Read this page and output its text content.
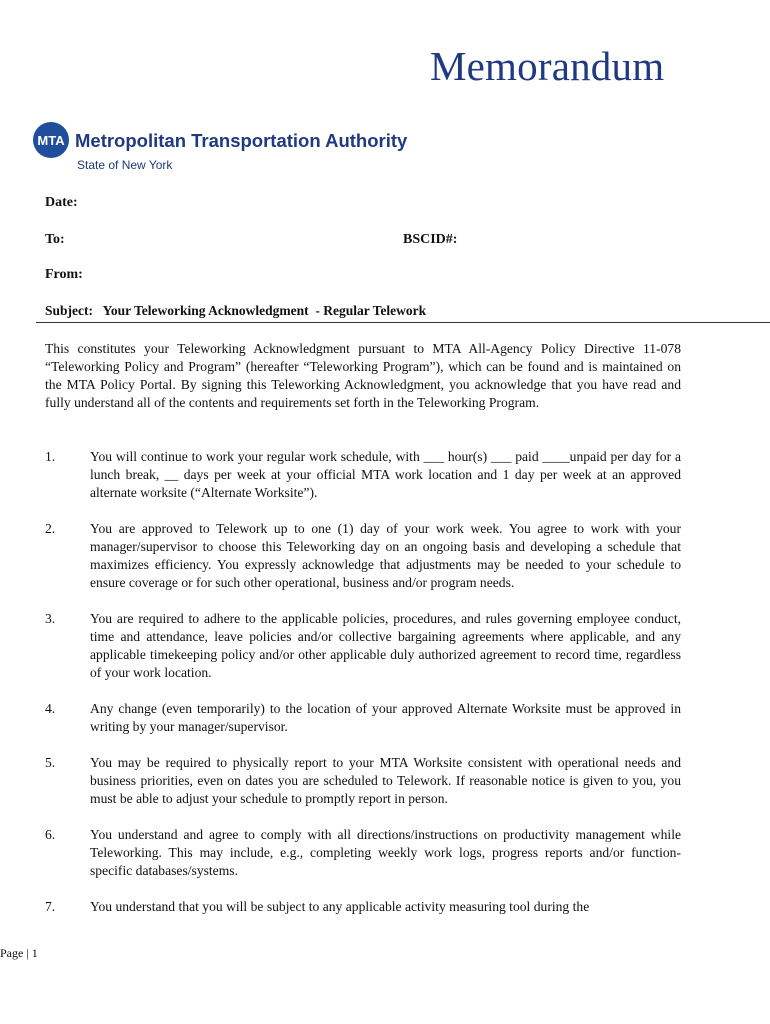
Memorandum
MTA Metropolitan Transportation Authority
State of New York
Date:
To:	BSCID#:
From:
Subject:   Your Teleworking Acknowledgment  - Regular Telework
This constitutes your Teleworking Acknowledgment pursuant to MTA All-Agency Policy Directive 11-078 “Teleworking Policy and Program” (hereafter “Teleworking Program”), which can be found and is maintained on the MTA Policy Portal. By signing this Teleworking Acknowledgment, you acknowledge that you have read and fully understand all of the contents and requirements set forth in the Teleworking Program.
1.	You will continue to work your regular work schedule, with ___ hour(s) ___ paid ____unpaid per day for a lunch break, __ days per week at your official MTA work location and 1 day per week at an approved alternate worksite (“Alternate Worksite”).
2.	You are approved to Telework up to one (1) day of your work week. You agree to work with your manager/supervisor to choose this Teleworking day on an ongoing basis and developing a schedule that maximizes efficiency. You expressly acknowledge that adjustments may be needed to your schedule to ensure coverage or for such other operational, business and/or program needs.
3.	You are required to adhere to the applicable policies, procedures, and rules governing employee conduct, time and attendance, leave policies and/or collective bargaining agreements where applicable, and any applicable timekeeping policy and/or other applicable duly authorized agreement to record time, regardless of your work location.
4.	Any change (even temporarily) to the location of your approved Alternate Worksite must be approved in writing by your manager/supervisor.
5.	You may be required to physically report to your MTA Worksite consistent with operational needs and business priorities, even on dates you are scheduled to Telework. If reasonable notice is given to you, you must be able to adjust your schedule to promptly report in person.
6.	You understand and agree to comply with all directions/instructions on productivity management while Teleworking. This may include, e.g., completing weekly work logs, progress reports and/or function-specific databases/systems.
7.	You understand that you will be subject to any applicable activity measuring tool during the
Page | 1
